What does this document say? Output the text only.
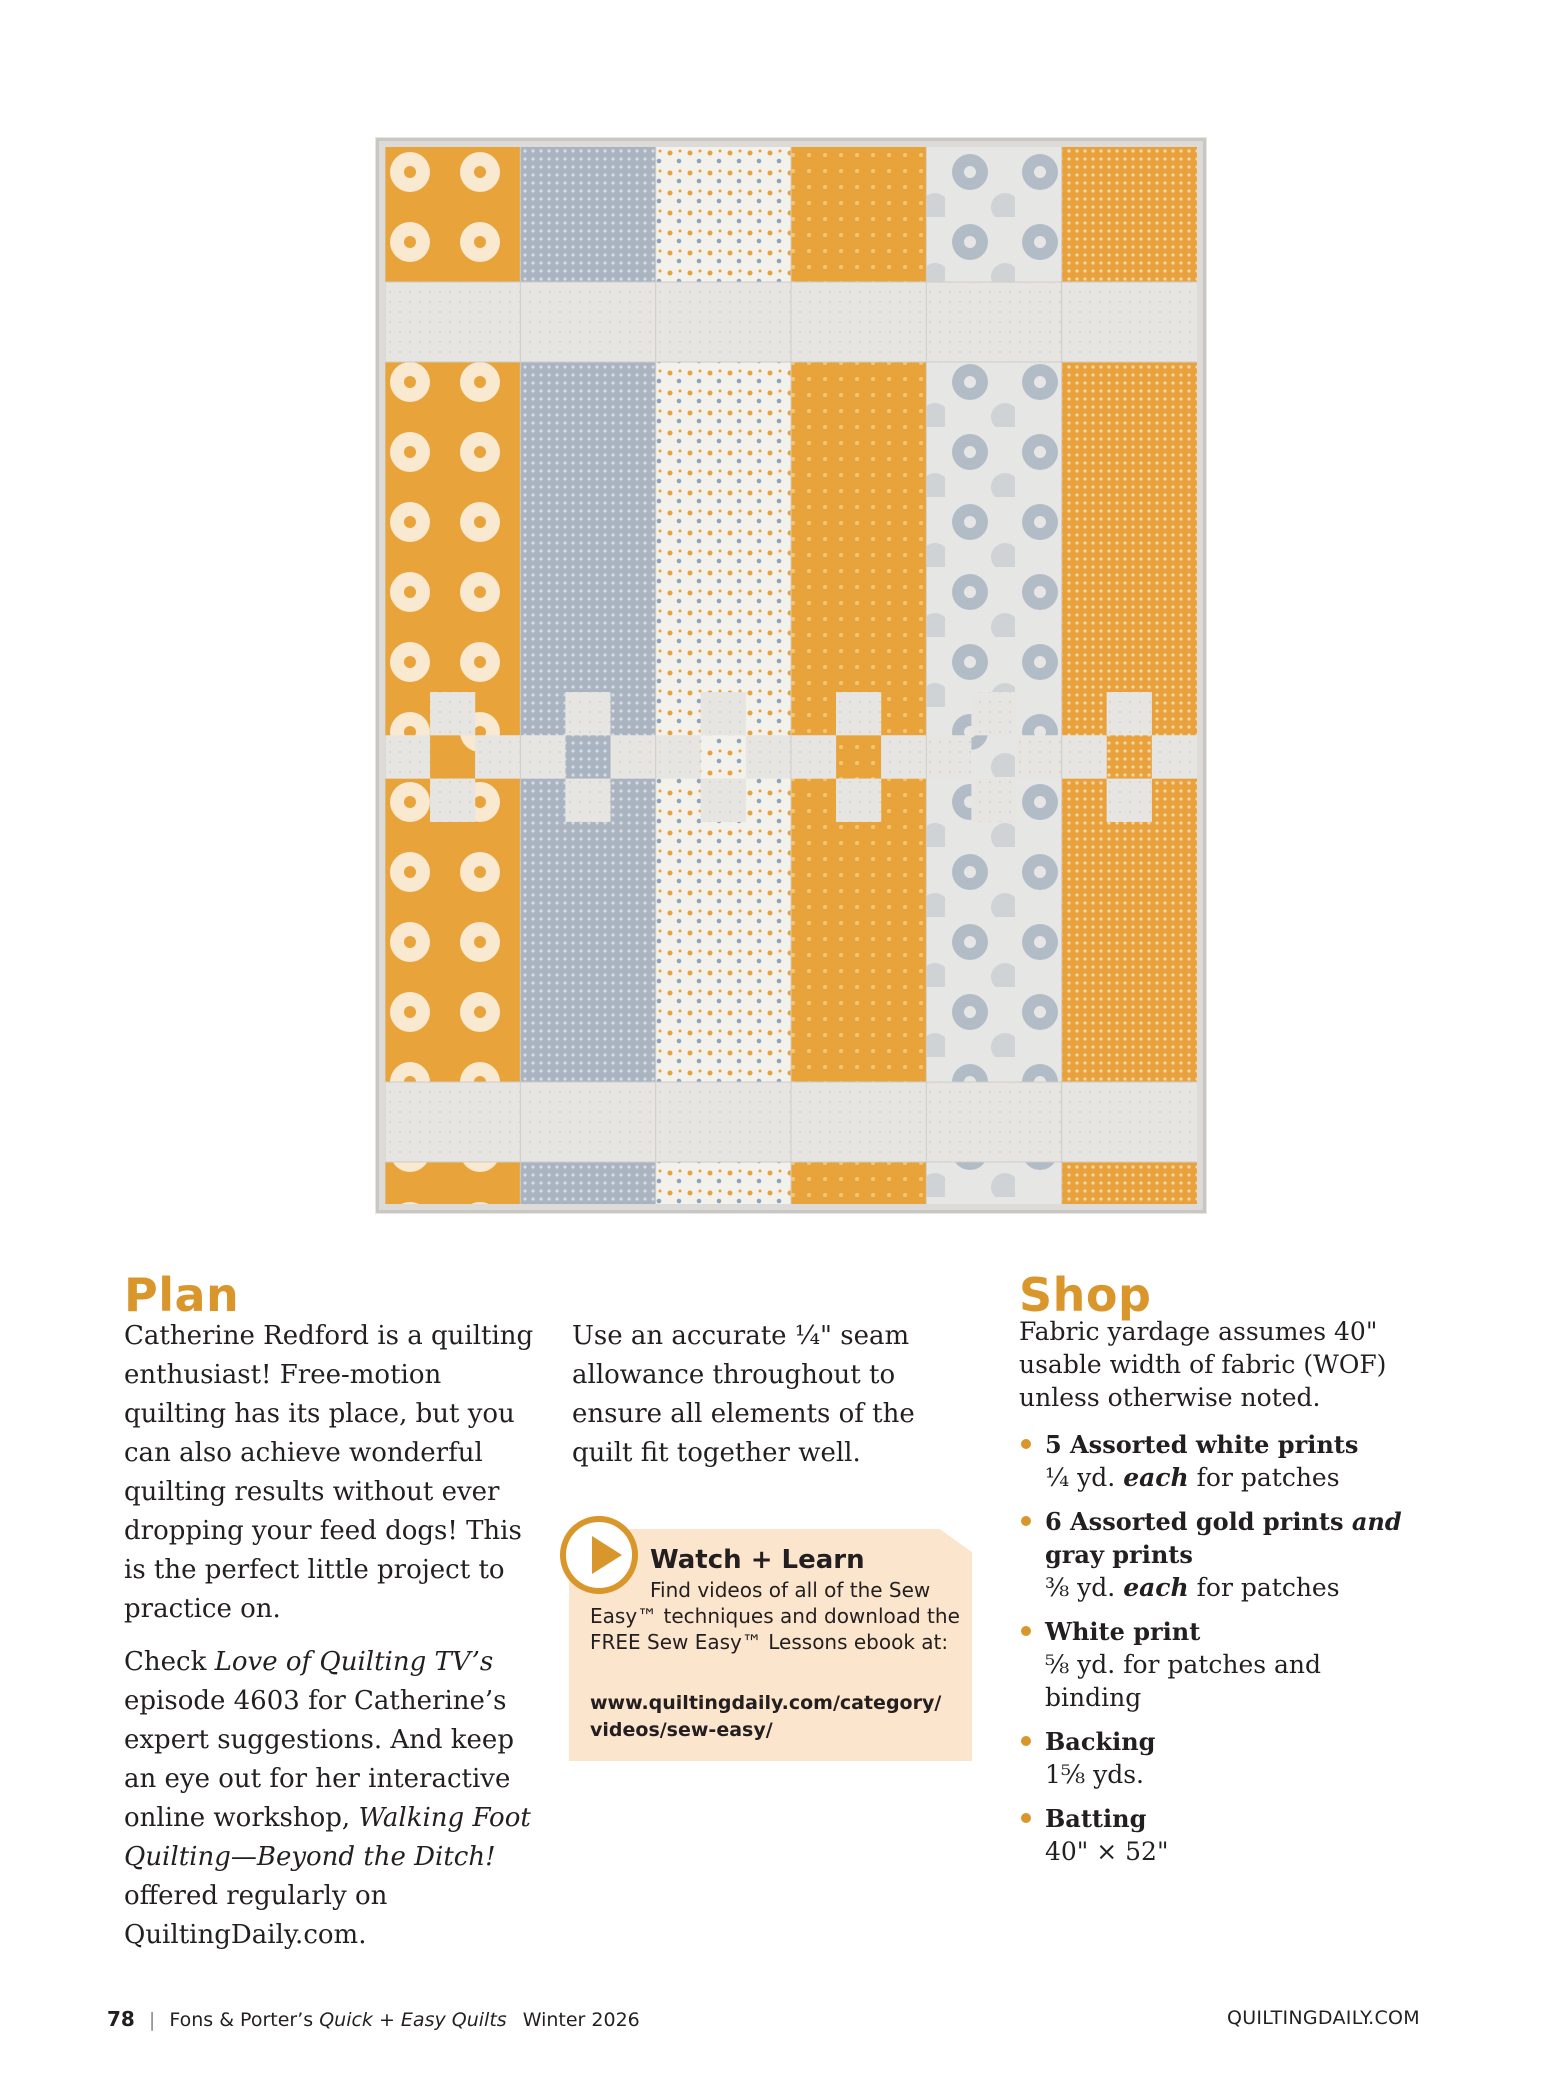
Plan

Catherine Redford is a quilting enthusiast! Free-motion quilting has its place, but you can also achieve wonderful quilting results without ever dropping your feed dogs! This is the perfect little project to practice on.

Check Love of Quilting TV’s episode 4603 for Catherine’s expert suggestions. And keep an eye out for her interactive online workshop, Walking Foot Quilting—Beyond the Ditch! offered regularly on QuiltingDaily.com.

Use an accurate ¼" seam allowance throughout to ensure all elements of the quilt fit together well.

Watch + Learn
Find videos of all of the Sew Easy™ techniques and download the FREE Sew Easy™ Lessons ebook at:
www.quiltingdaily.com/category/
videos/sew-easy/
Shop
Fabric yardage assumes 40" usable width of fabric (WOF) unless otherwise noted.
5 Assorted white prints
¼ yd. each for patches
6 Assorted gold prints and gray prints
⅜ yd. each for patches
White print
⅝ yd. for patches and binding
Backing
1⅝ yds.
Batting
40" × 52"
78 | Fons & Porter’s Quick + Easy Quilts Winter 2026	QUILTINGDAILY.COM
